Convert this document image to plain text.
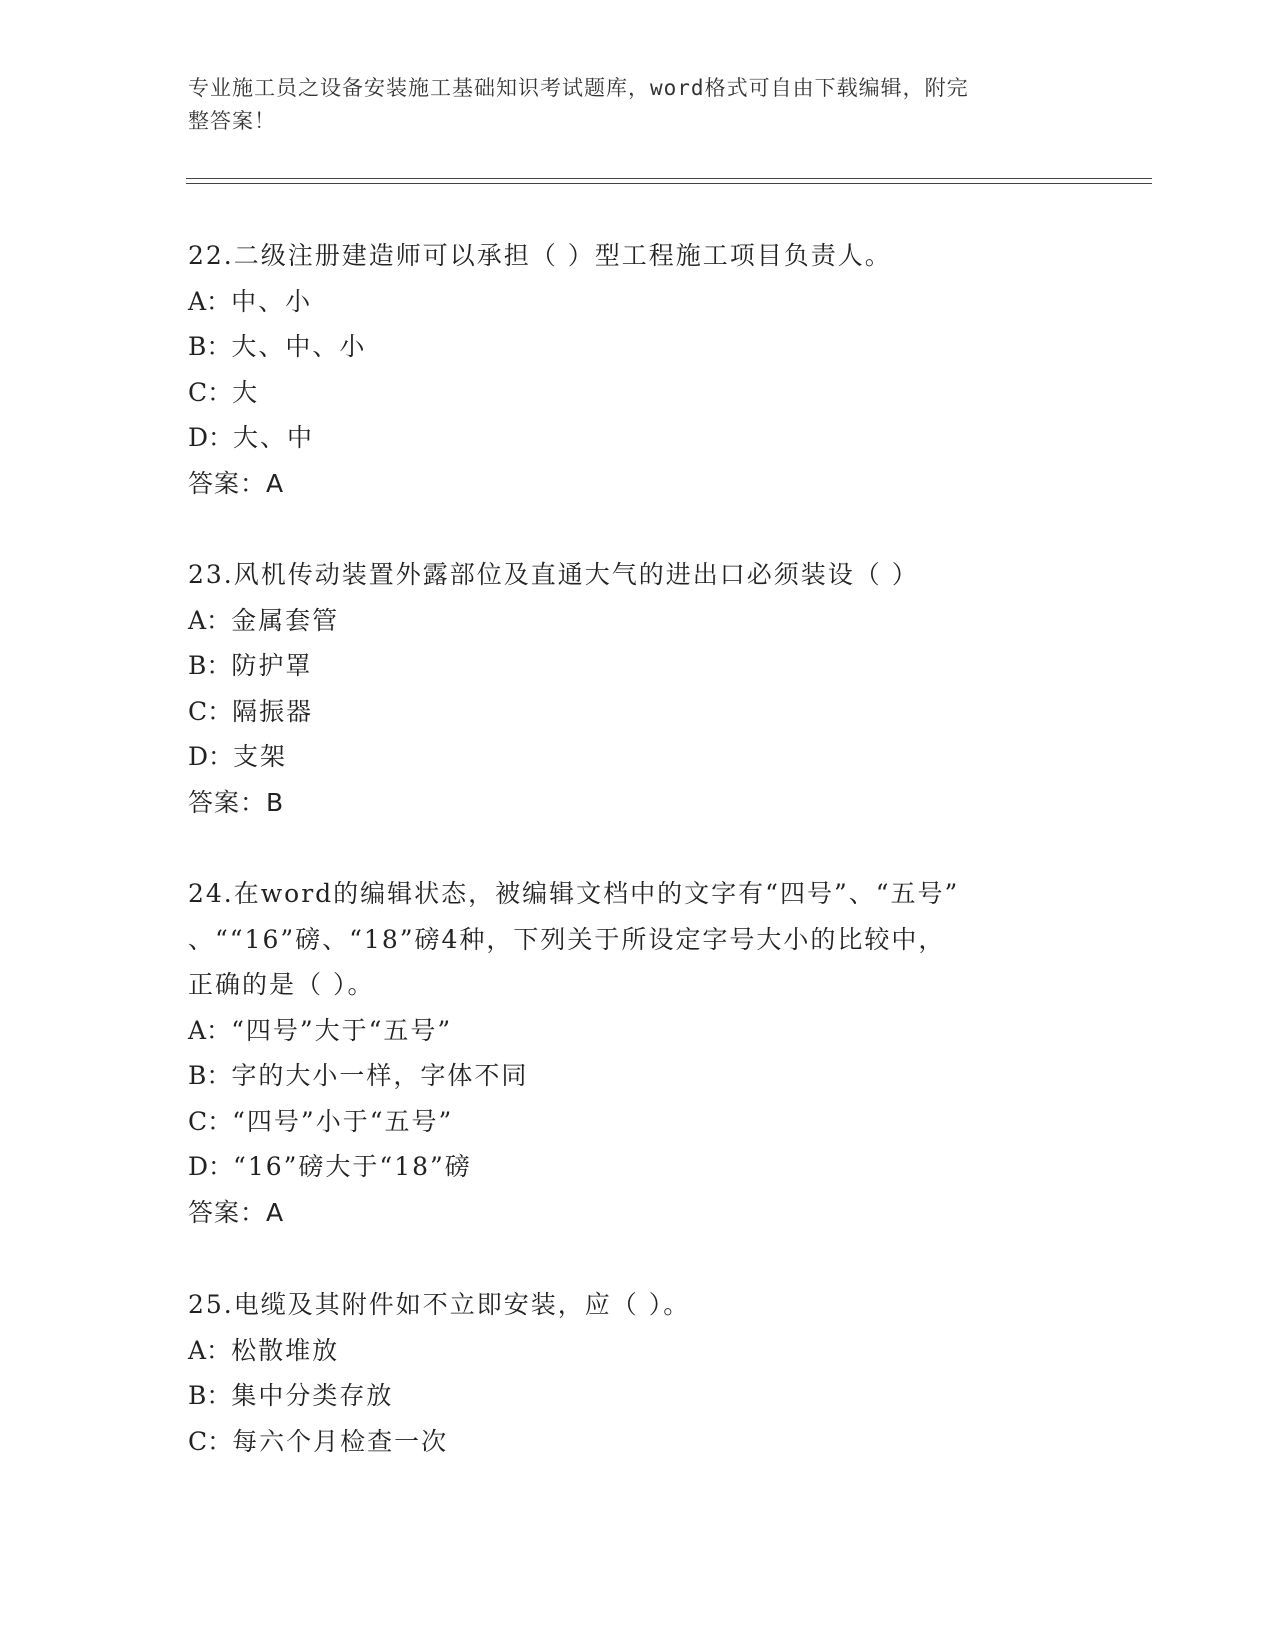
专业施工员之设备安装施工基础知识考试题库，word格式可自由下载编辑，附完
整答案！
22.二级注册建造师可以承担（ ）型工程施工项目负责人。
A：中、小
B：大、中、小
C：大
D：大、中
答案：A
23.风机传动装置外露部位及直通大气的进出口必须装设（ ）
A：金属套管
B：防护罩
C：隔振器
D：支架
答案：B
24.在word的编辑状态，被编辑文档中的文字有“四号”、“五号”
、““16”磅、“18”磅4种，下列关于所设定字号大小的比较中，
正确的是（ ）。
A：“四号”大于“五号”
B：字的大小一样，字体不同
C：“四号”小于“五号”
D：“16”磅大于“18”磅
答案：A
25.电缆及其附件如不立即安装，应（ ）。
A：松散堆放
B：集中分类存放
C：每六个月检查一次
